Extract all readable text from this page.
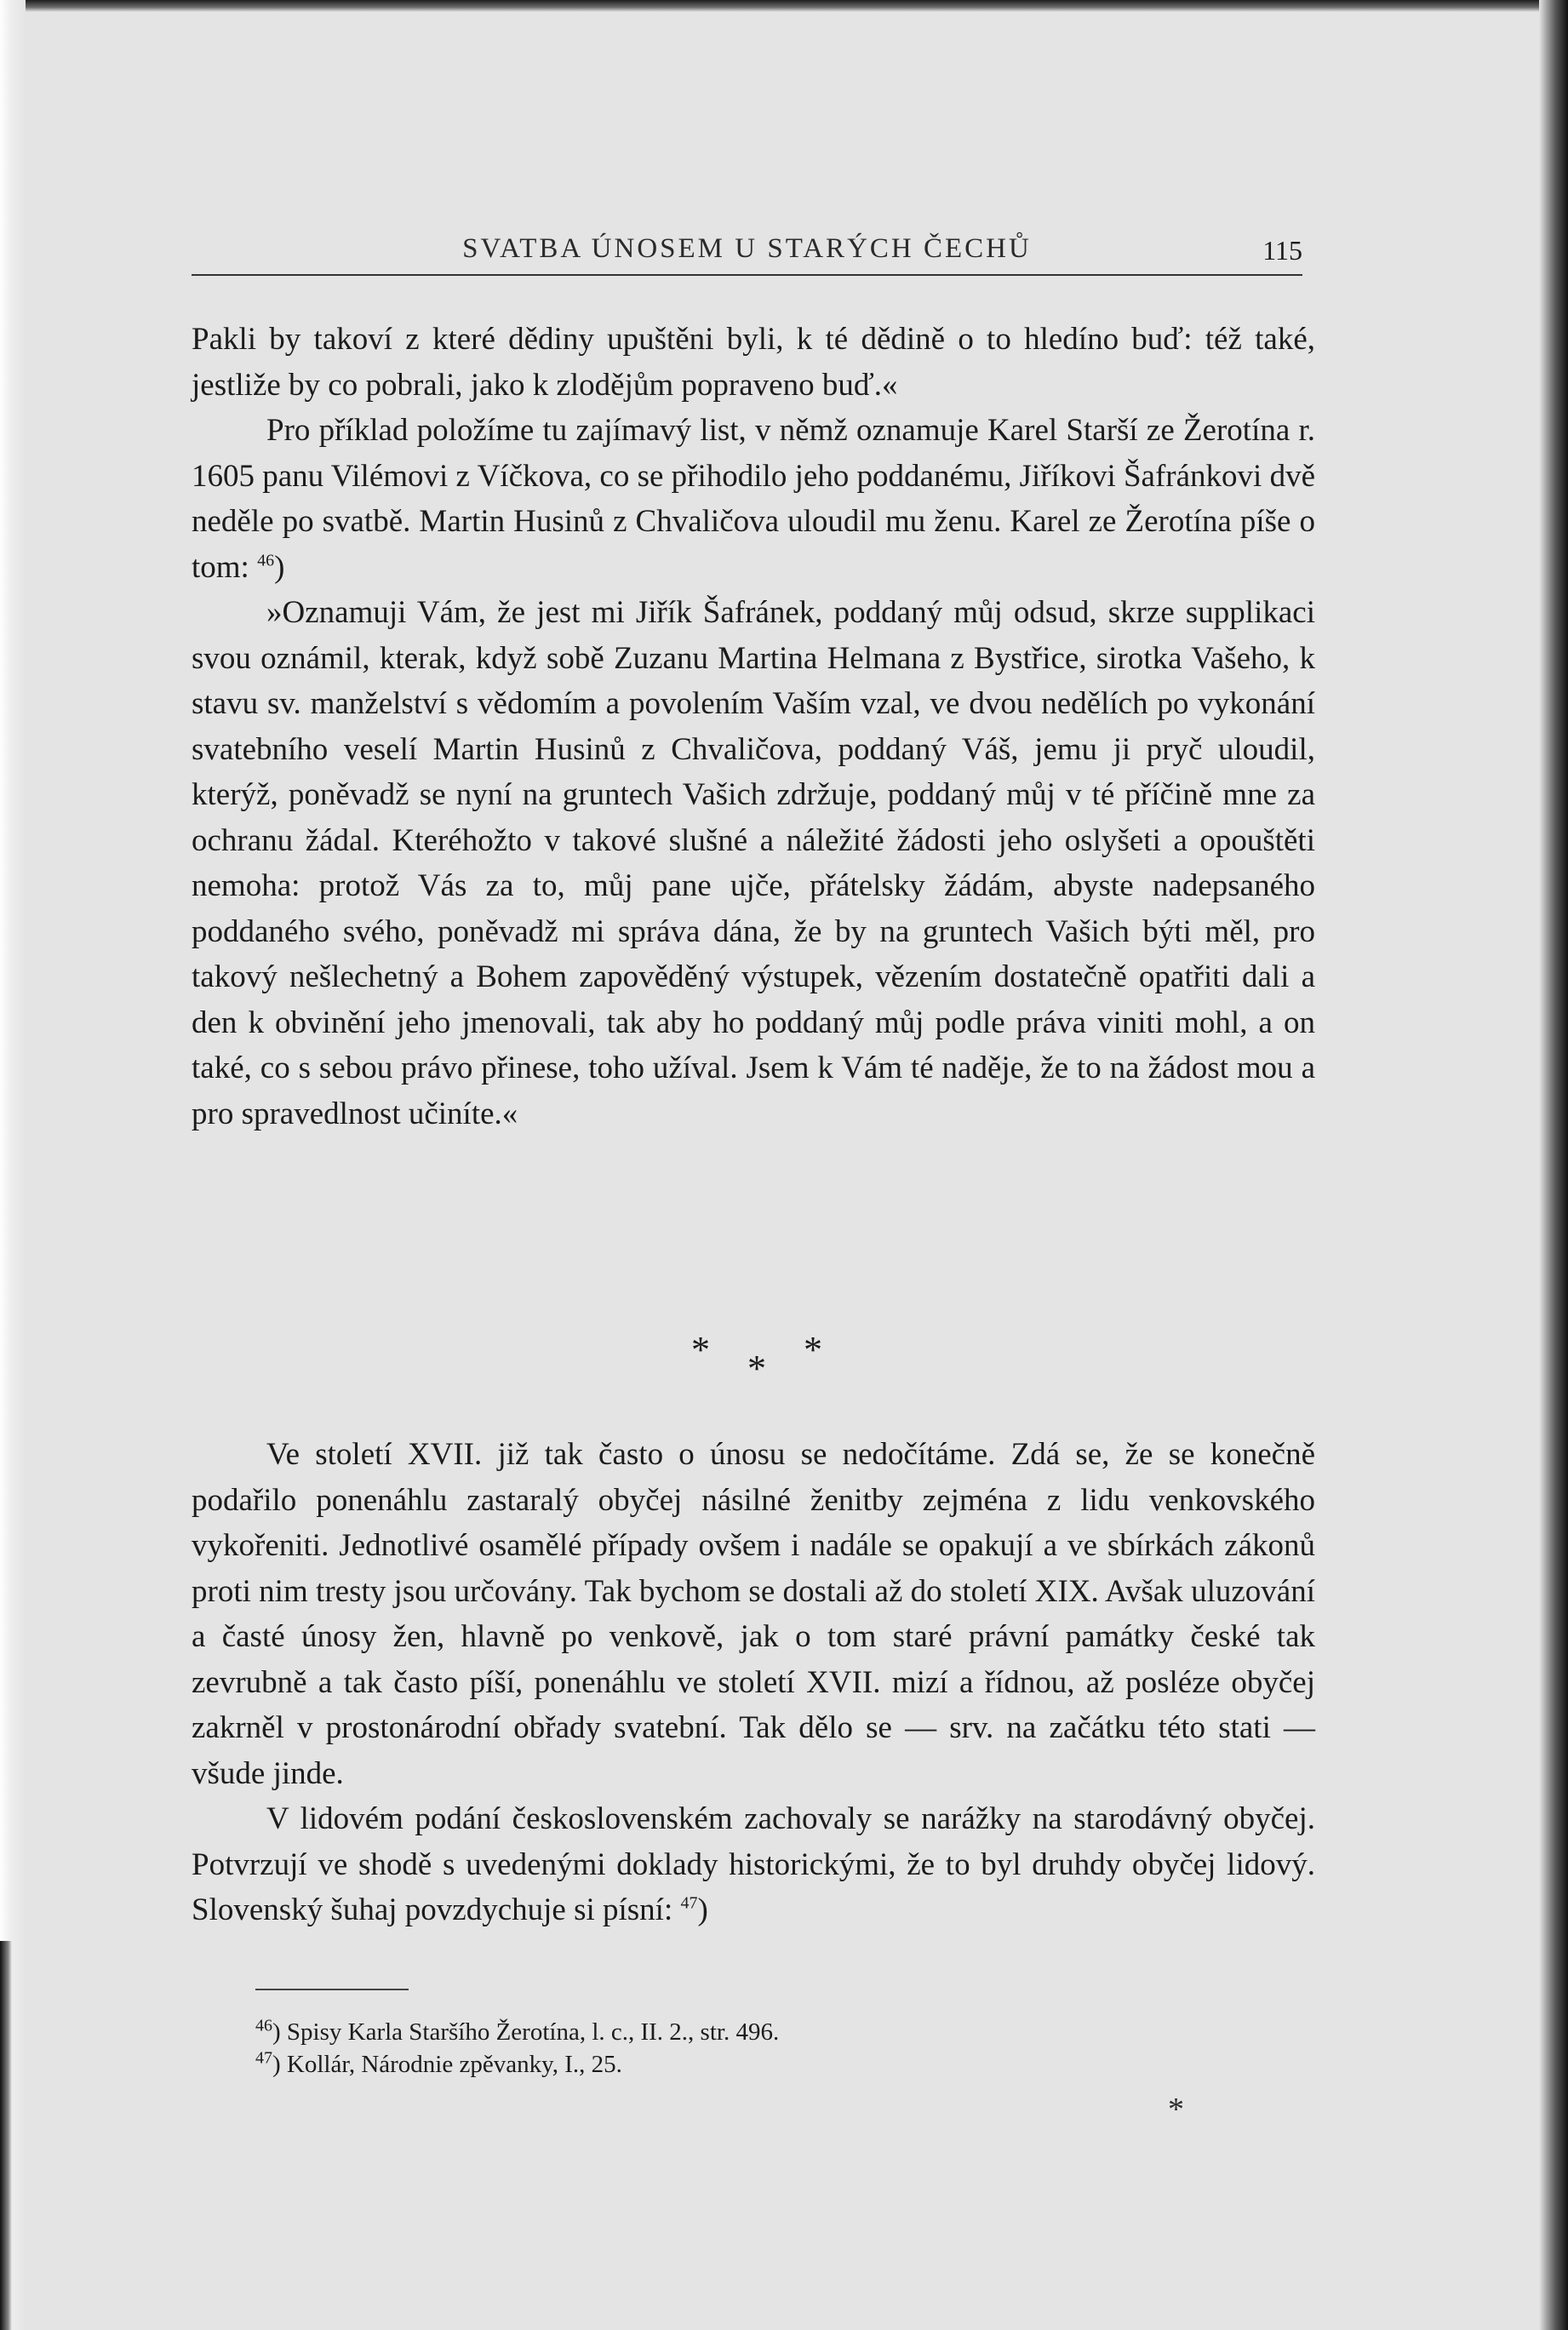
SVATBA ÚNOSEM U STARÝCH ČECHŮ	115

Pakli by takoví z které dědiny upuštěni byli, k té dědině o to hledíno buď: též také, jestliže by co pobrali, jako k zlodějům popraveno buď.«

Pro příklad položíme tu zajímavý list, v němž oznamuje Karel Starší ze Žerotína r. 1605 panu Vilémovi z Víčkova, co se přihodilo jeho poddanému, Jiříkovi Šafránkovi dvě neděle po svatbě. Martin Husinů z Chvaličova uloudil mu ženu. Karel ze Žerotína píše o tom: $^{46}$)

»Oznamuji Vám, že jest mi Jiřík Šafránek, poddaný můj odsud, skrze supplikaci svou oznámil, kterak, když sobě Zuzanu Martina Helmana z Bystřice, sirotka Vašeho, k stavu sv. manželství s vědomím a povolením Vaším vzal, ve dvou nedělích po vykonání svatebního veselí Martin Husinů z Chvaličova, poddaný Váš, jemu ji pryč uloudil, kterýž, poněvadž se nyní na gruntech Vašich zdržuje, poddaný můj v té příčině mne za ochranu žádal. Kteréhožto v takové slušné a náležité žádosti jeho oslyšeti a opouštěti nemoha: protož Vás za to, můj pane ujče, přátelsky žádám, abyste nadepsaného poddaného svého, poněvadž mi správa dána, že by na gruntech Vašich býti měl, pro takový nešlechetný a Bohem zapověděný výstupek, vězením dostatečně opatřiti dali a den k obvinění jeho jmenovali, tak aby ho poddaný můj podle práva viniti mohl, a on také, co s sebou právo přinese, toho užíval. Jsem k Vám té naděje, že to na žádost mou a pro spravedlnost učiníte.«

* * *

Ve století XVII. již tak často o únosu se nedočítáme. Zdá se, že se konečně podařilo ponenáhlu zastaralý obyčej násilné ženitby zejména z lidu venkovského vykořeniti. Jednotlivé osamělé případy ovšem i nadále se opakují a ve sbírkách zákonů proti nim tresty jsou určovány. Tak bychom se dostali až do století XIX. Avšak uluzování a časté únosy žen, hlavně po venkově, jak o tom staré právní památky české tak zevrubně a tak často píší, ponenáhlu ve století XVII. mizí a řídnou, až posléze obyčej zakrněl v prostonárodní obřady svatební. Tak dělo se — srv. na začátku této stati — všude jinde.

V lidovém podání československém zachovaly se narážky na starodávný obyčej. Potvrzují ve shodě s uvedenými doklady historickými, že to byl druhdy obyčej lidový. Slovenský šuhaj povzdychuje si písní: $^{47}$)

$^{46}$) Spisy Karla Staršího Žerotína, l. c., II. 2., str. 496.
$^{47}$) Kollár, Národnie zpěvanky, I., 25.
*
